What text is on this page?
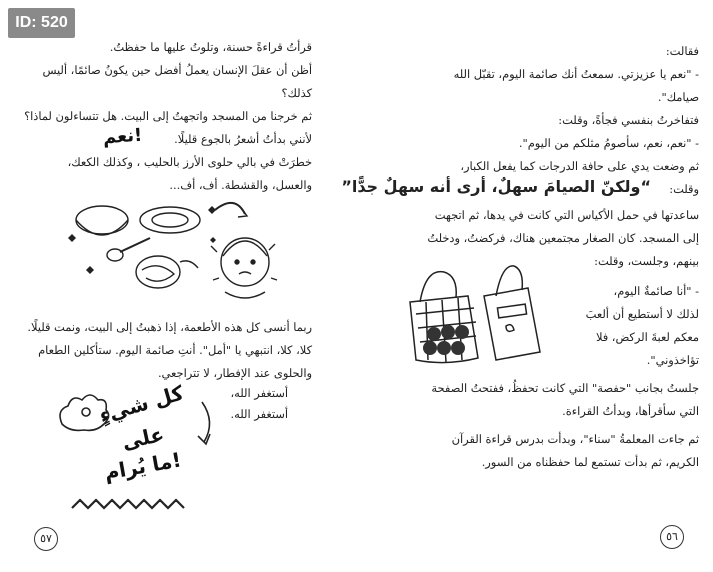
ID: 520

قرأتُ قراءةً حسنة، وتلوتُ عليها ما حفظتُ.

أظن أن عقلَ الإنسان يعملُ أفضل حين يكونُ صائمًا، أليس

كذلك؟

ثم خرجنا من المسجد واتجهتُ إلى البيت. هل تتساءلون لماذا؟

لأنني بدأتُ أشعرُ بالجوع قليلًا.

نعم!

خطرَتْ في بالي حلوى الأرز بالحليب ، وكذلك الكعك،

والعسل، والقشطة. أف، أف...

ربما أنسى كل هذه الأطعمة، إذا ذهبتُ إلى البيت، ونمت قليلًا.

كلا، كلا، انتبهي يا "أمل". أنتِ صائمة اليوم. ستأكلين الطعام

والحلوى عند الإفطار، لا تتراجعي.

أستغفر الله،

أستغفر الله.

كل شيءٍ
على
ما يُرام!
٥٧

فقالت:

- "نعم يا عزيزتي. سمعتُ أنك صائمة اليوم، تقبّل الله

صيامك".

فتفاخرتُ بنفسي فجأةً، وقلت:

- "نعم، نعم، سأصومُ مثلكم من اليوم".

ثم وضعت يدي على حافة الدرجات كما يفعل الكبار،

وقلت:

“ولكنّ الصيامَ سهلٌ، أرى أنه سهلٌ جدًّا”

ساعدتها في حمل الأكياس التي كانت في يدها، ثم اتجهت

إلى المسجد. كان الصغار مجتمعين هناك، فركضتُ، ودخلتُ

بينهم، وجلست، وقلت:

- "أنا صائمةٌ اليوم،

لذلك لا أستطيع أن ألعبَ

معكم لعبةَ الركض، فلا

تؤاخذوني".

جلستُ بجانب "حفصة" التي كانت تحفظُ، ففتحتُ الصفحة

التي سأقرأها، وبدأتُ القراءة.

ثم جاءت المعلمةُ "سناء"، وبدأت بدرس قراءة القرآن

الكريم، ثم بدأت تستمع لما حفظناه من السور.

٥٦
